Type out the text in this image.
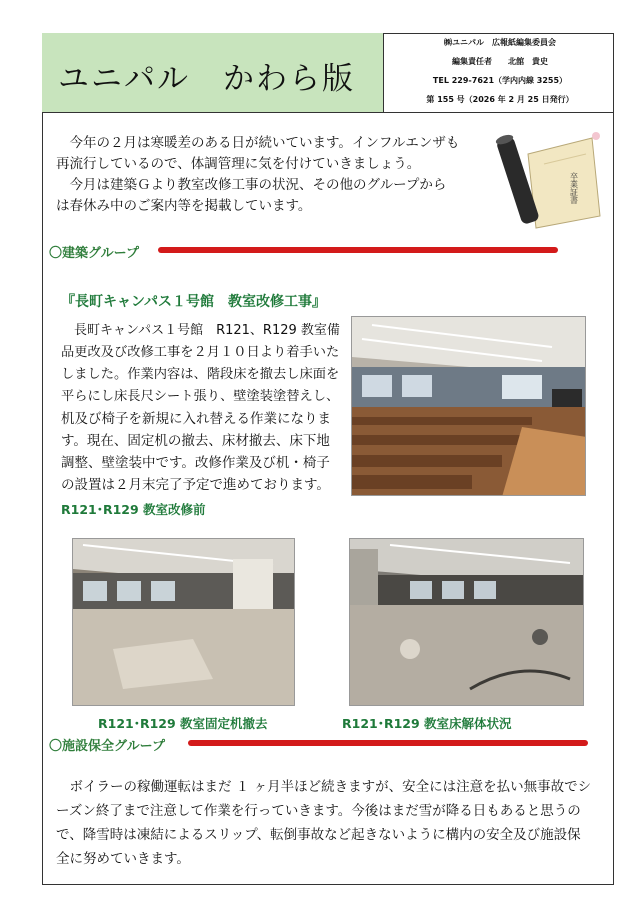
ユニパル　かわら版
㈱ユニパル　広報紙編集委員会
編集責任者　　北舘　貴史
TEL 229-7621（学内内線 3255）
第 155 号（2026 年 2 月 25 日発行）
　今年の２月は寒暖差のある日が続いています。インフルエンザも
再流行しているので、体調管理に気を付けていきましょう。
　今月は建築Ｇより教室改修工事の状況、その他のグループから
は春休み中のご案内等を掲載しています。
卒業証書
〇建築グループ
『長町キャンパス１号館　教室改修工事』
　長町キャンパス１号館　R121、R129 教室備
品更改及び改修工事を２月１０日より着手いた
しました。作業内容は、階段床を撤去し床面を
平らにし床長尺シート張り、壁塗装塗替えし、
机及び椅子を新規に入れ替える作業になりま
す。現在、固定机の撤去、床材撤去、床下地
調整、壁塗装中です。改修作業及び机・椅子
の設置は２月末完了予定で進めております。
R121･R129 教室改修前
R121･R129 教室固定机撤去	R121･R129 教室床解体状況
〇施設保全グループ
　ボイラーの稼働運転はまだ １ ヶ月半ほど続きますが、安全には注意を払い無事故でシ
ーズン終了まで注意して作業を行っていきます。今後はまだ雪が降る日もあると思うの
で、降雪時は凍結によるスリップ、転倒事故など起きないように構内の安全及び施設保
全に努めていきます。
